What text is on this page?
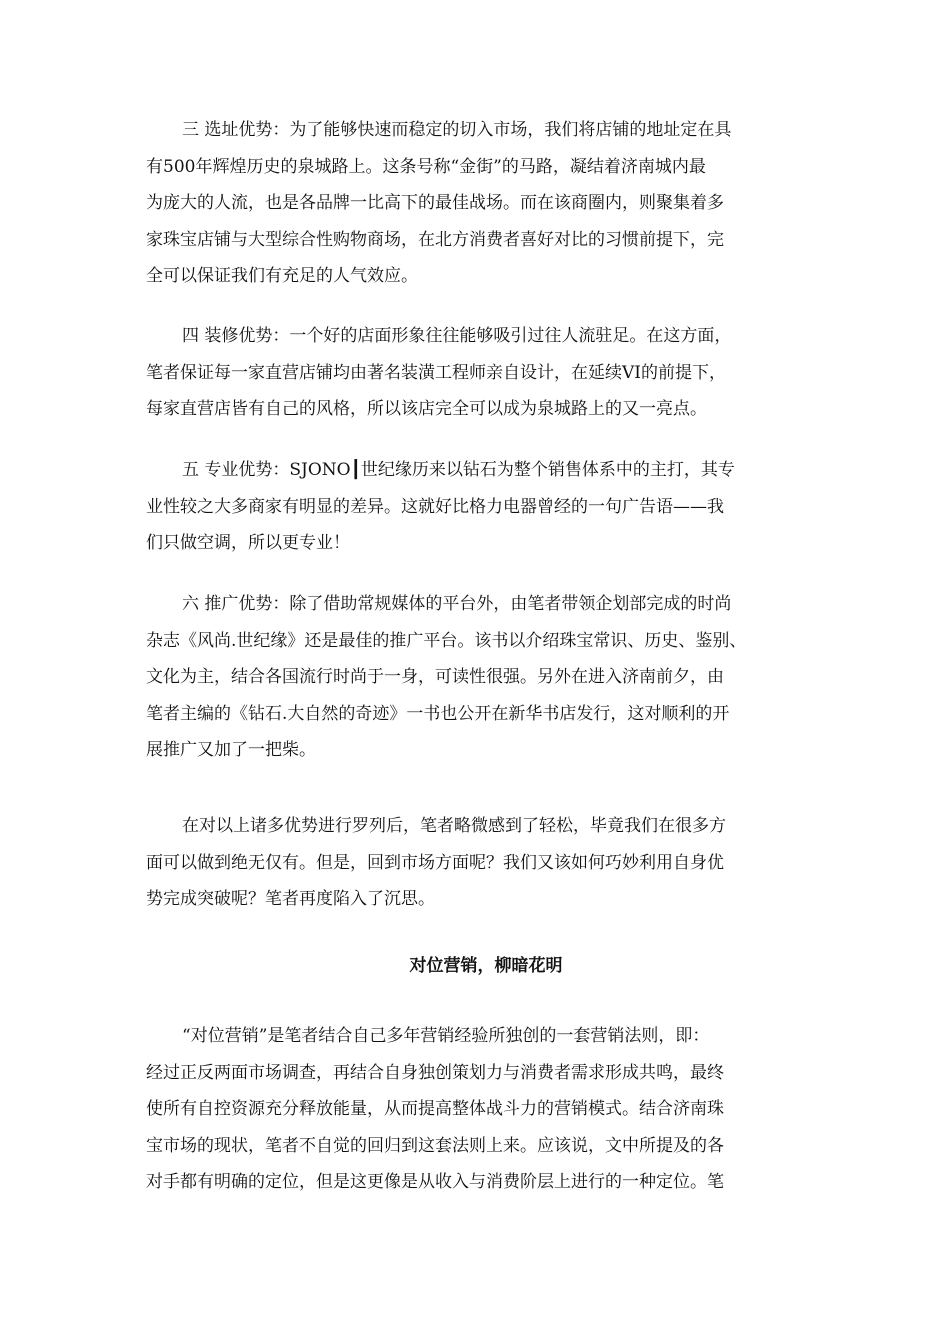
三 选址优势：为了能够快速而稳定的切入市场，我们将店铺的地址定在具
有500年辉煌历史的泉城路上。这条号称“金街”的马路，凝结着济南城内最
为庞大的人流，也是各品牌一比高下的最佳战场。而在该商圈内，则聚集着多
家珠宝店铺与大型综合性购物商场，在北方消费者喜好对比的习惯前提下，完
全可以保证我们有充足的人气效应。
四 装修优势：一个好的店面形象往往能够吸引过往人流驻足。在这方面，
笔者保证每一家直营店铺均由著名装潢工程师亲自设计，在延续VI的前提下，
每家直营店皆有自己的风格，所以该店完全可以成为泉城路上的又一亮点。
五 专业优势：SJONO┃世纪缘历来以钻石为整个销售体系中的主打，其专
业性较之大多商家有明显的差异。这就好比格力电器曾经的一句广告语——我
们只做空调，所以更专业！
六 推广优势：除了借助常规媒体的平台外，由笔者带领企划部完成的时尚
杂志《风尚.世纪缘》还是最佳的推广平台。该书以介绍珠宝常识、历史、鉴别、
文化为主，结合各国流行时尚于一身，可读性很强。另外在进入济南前夕，由
笔者主编的《钻石.大自然的奇迹》一书也公开在新华书店发行，这对顺利的开
展推广又加了一把柴。
在对以上诸多优势进行罗列后，笔者略微感到了轻松，毕竟我们在很多方
面可以做到绝无仅有。但是，回到市场方面呢？我们又该如何巧妙利用自身优
势完成突破呢？笔者再度陷入了沉思。
对位营销，柳暗花明
“对位营销”是笔者结合自己多年营销经验所独创的一套营销法则，即：
经过正反两面市场调查，再结合自身独创策划力与消费者需求形成共鸣，最终
使所有自控资源充分释放能量，从而提高整体战斗力的营销模式。结合济南珠
宝市场的现状，笔者不自觉的回归到这套法则上来。应该说，文中所提及的各
对手都有明确的定位，但是这更像是从收入与消费阶层上进行的一种定位。笔
